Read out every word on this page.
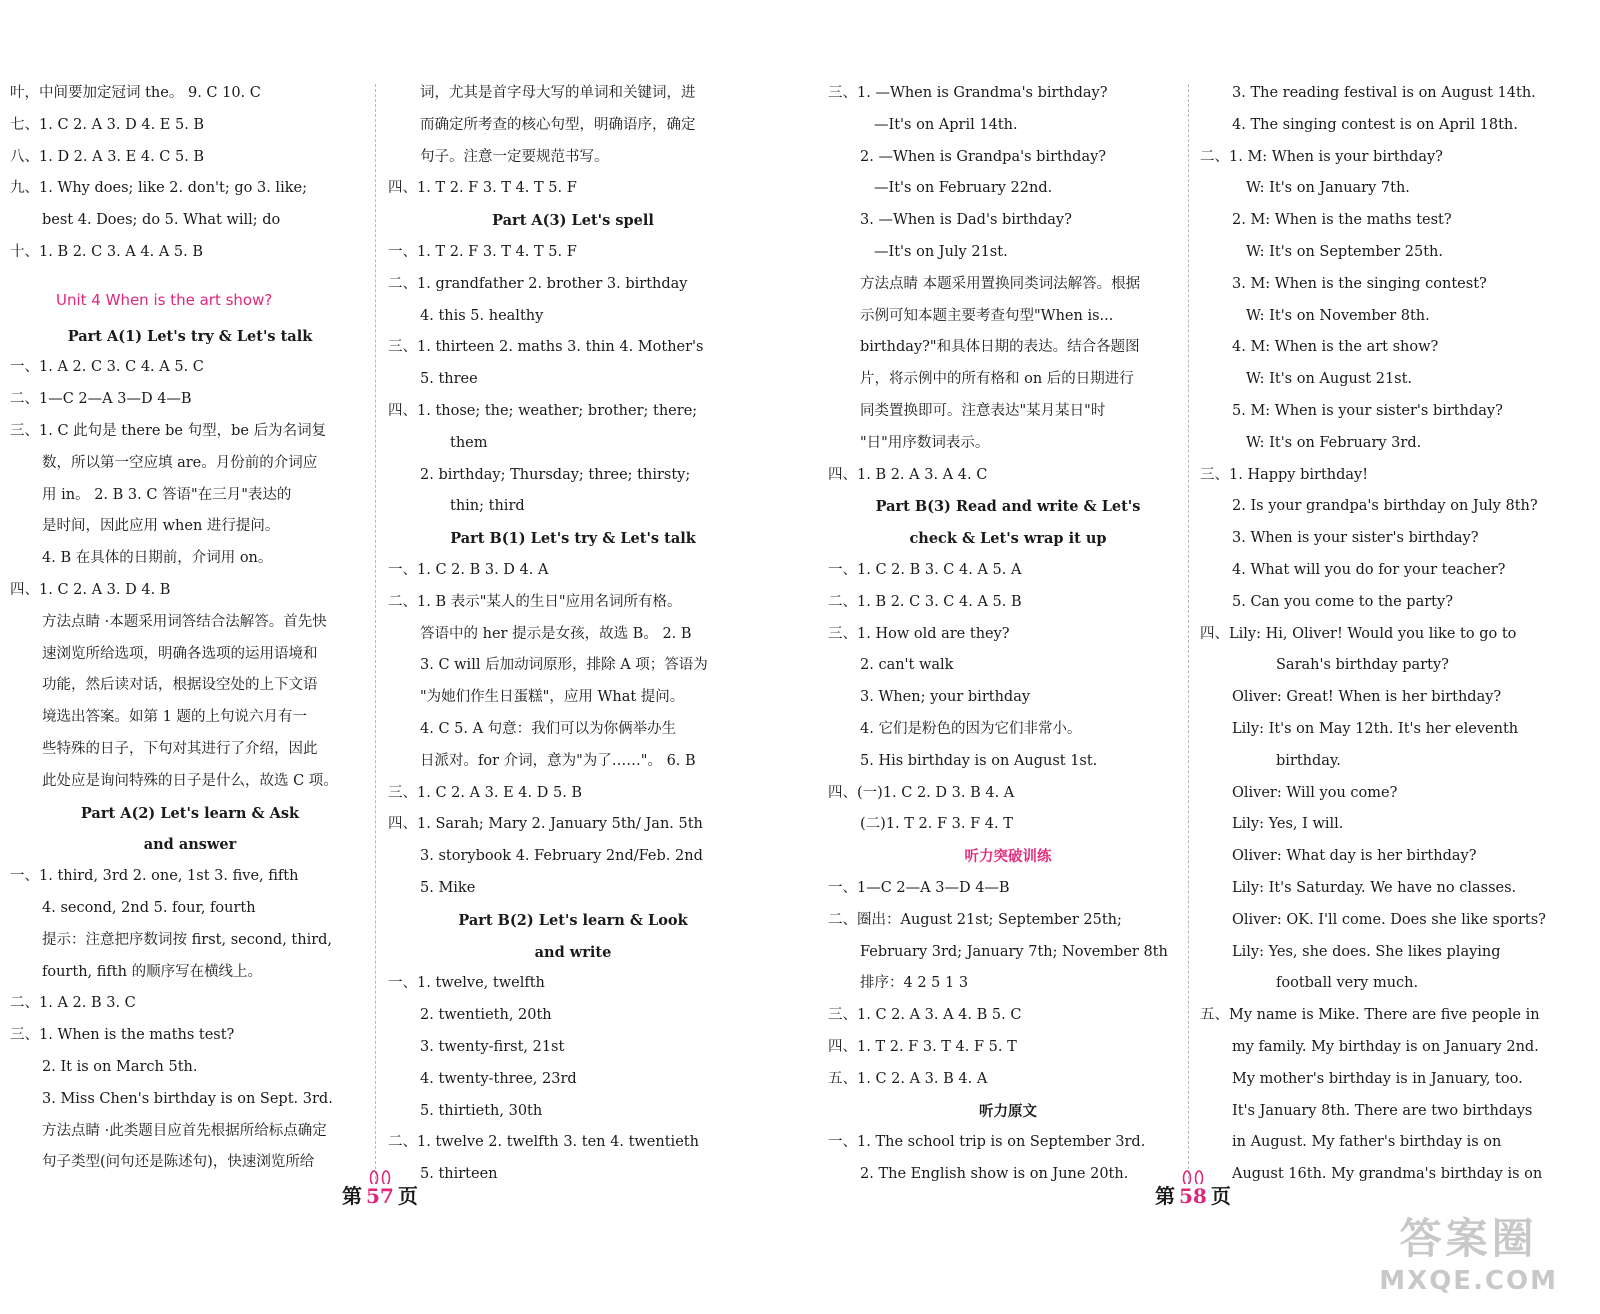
叶，中间要加定冠词 the。 9. C 10. C
七、1. C 2. A 3. D 4. E 5. B
八、1. D 2. A 3. E 4. C 5. B
九、1. Why does; like 2. don't; go 3. like;
best 4. Does; do 5. What will; do
十、1. B 2. C 3. A 4. A 5. B
Unit 4 When is the art show?
Part A(1) Let's try & Let's talk
一、1. A 2. C 3. C 4. A 5. C
二、1—C 2—A 3—D 4—B
三、1. C 此句是 there be 句型，be 后为名词复
数，所以第一空应填 are。月份前的介词应
用 in。 2. B 3. C 答语"在三月"表达的
是时间，因此应用 when 进行提问。
4. B 在具体的日期前，介词用 on。
四、1. C 2. A 3. D 4. B
方法点睛 ·本题采用词答结合法解答。首先快
速浏览所给选项，明确各选项的运用语境和
功能，然后读对话，根据设空处的上下文语
境选出答案。如第 1 题的上句说六月有一
些特殊的日子，下句对其进行了介绍，因此
此处应是询问特殊的日子是什么，故选 C 项。
Part A(2) Let's learn & Ask
and answer
一、1. third, 3rd 2. one, 1st 3. five, fifth
4. second, 2nd 5. four, fourth
提示：注意把序数词按 first, second, third,
fourth, fifth 的顺序写在横线上。
二、1. A 2. B 3. C
三、1. When is the maths test?
2. It is on March 5th.
3. Miss Chen's birthday is on Sept. 3rd.
方法点睛 ·此类题目应首先根据所给标点确定
句子类型(问句还是陈述句)，快速浏览所给
词，尤其是首字母大写的单词和关键词，进
而确定所考查的核心句型，明确语序，确定
句子。注意一定要规范书写。
四、1. T 2. F 3. T 4. T 5. F
Part A(3) Let's spell
一、1. T 2. F 3. T 4. T 5. F
二、1. grandfather 2. brother 3. birthday
4. this 5. healthy
三、1. thirteen 2. maths 3. thin 4. Mother's
5. three
四、1. those; the; weather; brother; there;
them
2. birthday; Thursday; three; thirsty;
thin; third
Part B(1) Let's try & Let's talk
一、1. C 2. B 3. D 4. A
二、1. B 表示"某人的生日"应用名词所有格。
答语中的 her 提示是女孩，故选 B。 2. B
3. C will 后加动词原形，排除 A 项；答语为
"为她们作生日蛋糕"，应用 What 提问。
4. C 5. A 句意：我们可以为你俩举办生
日派对。for 介词，意为"为了……"。 6. B
三、1. C 2. A 3. E 4. D 5. B
四、1. Sarah; Mary 2. January 5th/ Jan. 5th
3. storybook 4. February 2nd/Feb. 2nd
5. Mike
Part B(2) Let's learn & Look
and write
一、1. twelve, twelfth
2. twentieth, 20th
3. twenty-first, 21st
4. twenty-three, 23rd
5. thirtieth, 30th
二、1. twelve 2. twelfth 3. ten 4. twentieth
5. thirteen
第 57 页
三、1. —When is Grandma's birthday?
—It's on April 14th.
2. —When is Grandpa's birthday?
—It's on February 22nd.
3. —When is Dad's birthday?
—It's on July 21st.
方法点睛 本题采用置换同类词法解答。根据
示例可知本题主要考查句型"When is...
birthday?"和具体日期的表达。结合各题图
片，将示例中的所有格和 on 后的日期进行
同类置换即可。注意表达"某月某日"时
"日"用序数词表示。
四、1. B 2. A 3. A 4. C
Part B(3) Read and write & Let's
check & Let's wrap it up
一、1. C 2. B 3. C 4. A 5. A
二、1. B 2. C 3. C 4. A 5. B
三、1. How old are they?
2. can't walk
3. When; your birthday
4. 它们是粉色的因为它们非常小。
5. His birthday is on August 1st.
四、(一)1. C 2. D 3. B 4. A
(二)1. T 2. F 3. F 4. T
听力突破训练
一、1—C 2—A 3—D 4—B
二、圈出：August 21st; September 25th;
February 3rd; January 7th; November 8th
排序：4 2 5 1 3
三、1. C 2. A 3. A 4. B 5. C
四、1. T 2. F 3. T 4. F 5. T
五、1. C 2. A 3. B 4. A
听力原文
一、1. The school trip is on September 3rd.
2. The English show is on June 20th.
3. The reading festival is on August 14th.
4. The singing contest is on April 18th.
二、1. M: When is your birthday?
W: It's on January 7th.
2. M: When is the maths test?
W: It's on September 25th.
3. M: When is the singing contest?
W: It's on November 8th.
4. M: When is the art show?
W: It's on August 21st.
5. M: When is your sister's birthday?
W: It's on February 3rd.
三、1. Happy birthday!
2. Is your grandpa's birthday on July 8th?
3. When is your sister's birthday?
4. What will you do for your teacher?
5. Can you come to the party?
四、Lily: Hi, Oliver! Would you like to go to
Sarah's birthday party?
Oliver: Great! When is her birthday?
Lily: It's on May 12th. It's her eleventh
birthday.
Oliver: Will you come?
Lily: Yes, I will.
Oliver: What day is her birthday?
Lily: It's Saturday. We have no classes.
Oliver: OK. I'll come. Does she like sports?
Lily: Yes, she does. She likes playing
football very much.
五、My name is Mike. There are five people in
my family. My birthday is on January 2nd.
My mother's birthday is in January, too.
It's January 8th. There are two birthdays
in August. My father's birthday is on
August 16th. My grandma's birthday is on
第 58 页
答案圈
MXQE.COM
